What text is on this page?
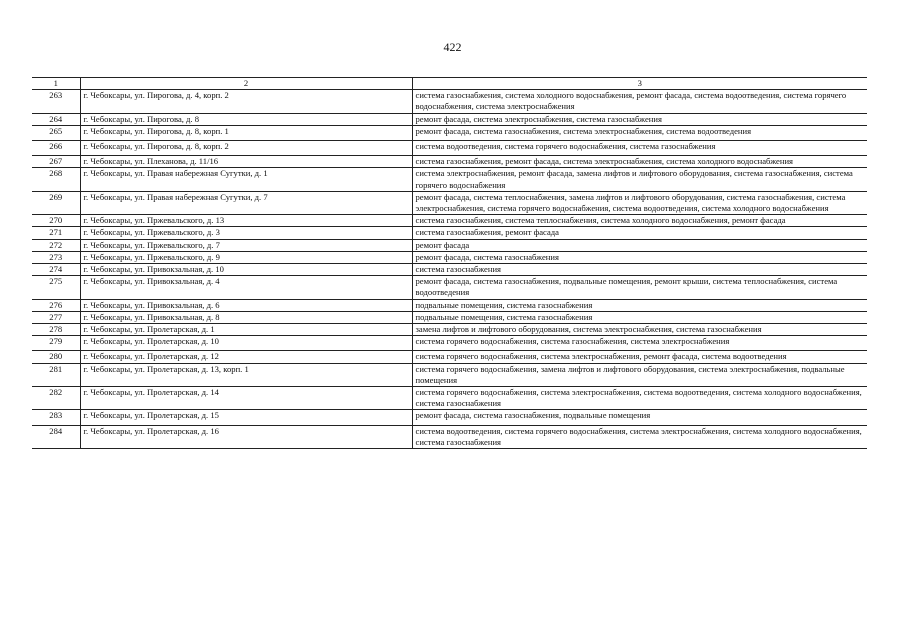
422
1	2	3
263	г. Чебоксары, ул. Пирогова, д. 4, корп. 2	система газоснабжения, система холодного водоснабжения, ремонт фасада, система водоотведения, система горячего водоснабжения, система электроснабжения
264	г. Чебоксары, ул. Пирогова, д. 8	ремонт фасада, система электроснабжения, система газоснабжения
265	г. Чебоксары, ул. Пирогова, д. 8, корп. 1	ремонт фасада, система газоснабжения, система электроснабжения, система водоотведения
266	г. Чебоксары, ул. Пирогова, д. 8, корп. 2	система водоотведения, система горячего водоснабжения, система газоснабжения
267	г. Чебоксары, ул. Плеханова, д. 11/16	система газоснабжения, ремонт фасада, система электроснабжения, система холодного водоснабжения
268	г. Чебоксары, ул. Правая набережная Сугутки, д. 1	система электроснабжения, ремонт фасада, замена лифтов и лифтового оборудования, система газоснабжения, система горячего водоснабжения
269	г. Чебоксары, ул. Правая набережная Сугутки, д. 7	ремонт фасада, система теплоснабжения, замена лифтов и лифтового оборудования, система газоснабжения, система электроснабжения, система горячего водоснабжения, система водоотведения, система холодного водоснабжения
270	г. Чебоксары, ул. Пржевальского, д. 13	система газоснабжения, система теплоснабжения, система холодного водоснабжения, ремонт фасада
271	г. Чебоксары, ул. Пржевальского, д. 3	система газоснабжения, ремонт фасада
272	г. Чебоксары, ул. Пржевальского, д. 7	ремонт фасада
273	г. Чебоксары, ул. Пржевальского, д. 9	ремонт фасада, система газоснабжения
274	г. Чебоксары, ул. Привокзальная, д. 10	система газоснабжения
275	г. Чебоксары, ул. Привокзальная, д. 4	ремонт фасада, система газоснабжения, подвальные помещения, ремонт крыши, система теплоснабжения, система водоотведения
276	г. Чебоксары, ул. Привокзальная, д. 6	подвальные помещения, система газоснабжения
277	г. Чебоксары, ул. Привокзальная, д. 8	подвальные помещения, система газоснабжения
278	г. Чебоксары, ул. Пролетарская, д. 1	замена лифтов и лифтового оборудования, система электроснабжения, система газоснабжения
279	г. Чебоксары, ул. Пролетарская, д. 10	система горячего водоснабжения, система газоснабжения, система электроснабжения
280	г. Чебоксары, ул. Пролетарская, д. 12	система горячего водоснабжения, система электроснабжения, ремонт фасада, система водоотведения
281	г. Чебоксары, ул. Пролетарская, д. 13, корп. 1	система горячего водоснабжения, замена лифтов и лифтового оборудования, система электроснабжения, подвальные помещения
282	г. Чебоксары, ул. Пролетарская, д. 14	система горячего водоснабжения, система электроснабжения, система водоотведения, система холодного водоснабжения, система газоснабжения
283	г. Чебоксары, ул. Пролетарская, д. 15	ремонт фасада, система газоснабжения, подвальные помещения
284	г. Чебоксары, ул. Пролетарская, д. 16	система водоотведения, система горячего водоснабжения, система электроснабжения, система холодного водоснабжения, система газоснабжения
